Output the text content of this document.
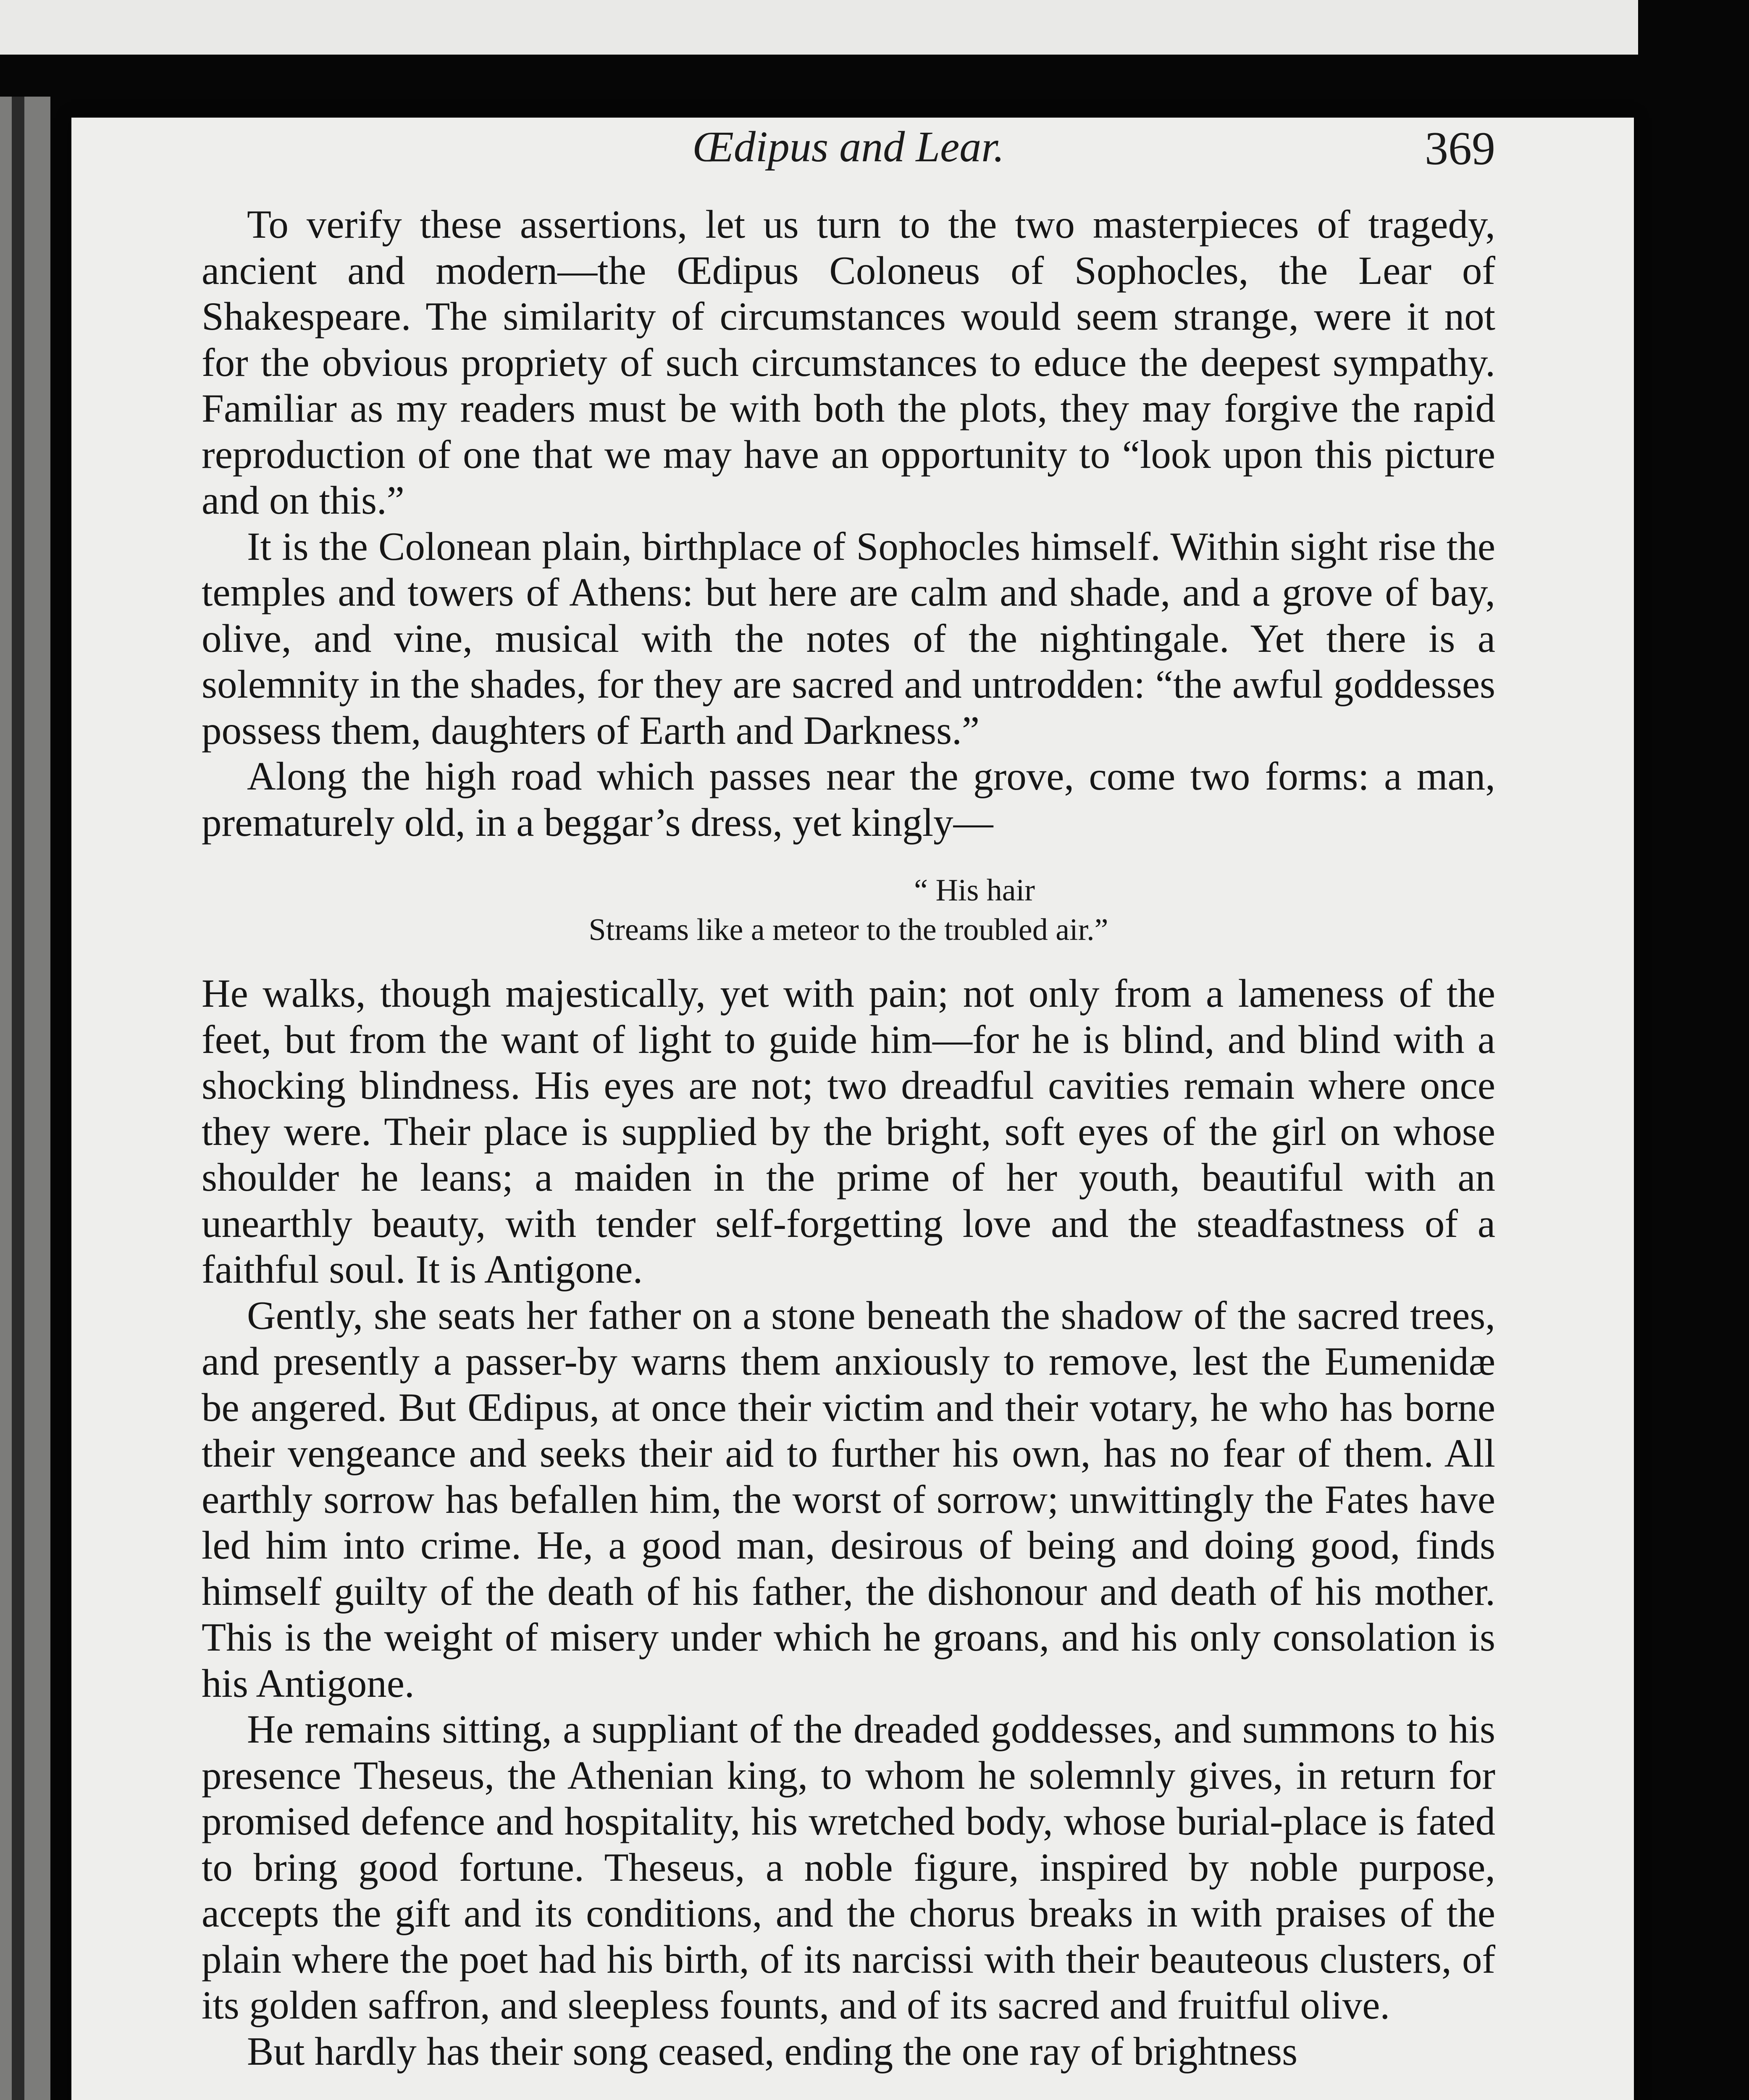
Œdipus and Lear.	369

To verify these assertions, let us turn to the two masterpieces of tragedy, ancient and modern—the Œdipus Coloneus of Sophocles, the Lear of Shakespeare. The similarity of circumstances would seem strange, were it not for the obvious propriety of such circumstances to educe the deepest sympathy. Familiar as my readers must be with both the plots, they may forgive the rapid reproduction of one that we may have an opportunity to “look upon this picture and on this.”

It is the Colonean plain, birthplace of Sophocles himself. Within sight rise the temples and towers of Athens: but here are calm and shade, and a grove of bay, olive, and vine, musical with the notes of the nightingale. Yet there is a solemnity in the shades, for they are sacred and untrodden: “the awful goddesses possess them, daughters of Earth and Darkness.”

Along the high road which passes near the grove, come two forms: a man, prematurely old, in a beggar’s dress, yet kingly—

“ His hair
Streams like a meteor to the troubled air.”

He walks, though majestically, yet with pain; not only from a lameness of the feet, but from the want of light to guide him—for he is blind, and blind with a shocking blindness. His eyes are not; two dreadful cavities remain where once they were. Their place is supplied by the bright, soft eyes of the girl on whose shoulder he leans; a maiden in the prime of her youth, beautiful with an unearthly beauty, with tender self-forgetting love and the steadfastness of a faithful soul. It is Antigone.

Gently, she seats her father on a stone beneath the shadow of the sacred trees, and presently a passer-by warns them anxiously to remove, lest the Eumenidæ be angered. But Œdipus, at once their victim and their votary, he who has borne their vengeance and seeks their aid to further his own, has no fear of them. All earthly sorrow has befallen him, the worst of sorrow; unwittingly the Fates have led him into crime. He, a good man, desirous of being and doing good, finds himself guilty of the death of his father, the dishonour and death of his mother. This is the weight of misery under which he groans, and his only consolation is his Antigone.

He remains sitting, a suppliant of the dreaded goddesses, and summons to his presence Theseus, the Athenian king, to whom he solemnly gives, in return for promised defence and hospitality, his wretched body, whose burial-place is fated to bring good fortune. Theseus, a noble figure, inspired by noble purpose, accepts the gift and its conditions, and the chorus breaks in with praises of the plain where the poet had his birth, of its narcissi with their beauteous clusters, of its golden saffron, and sleepless founts, and of its sacred and fruitful olive.

But hardly has their song ceased, ending the one ray of brightness
